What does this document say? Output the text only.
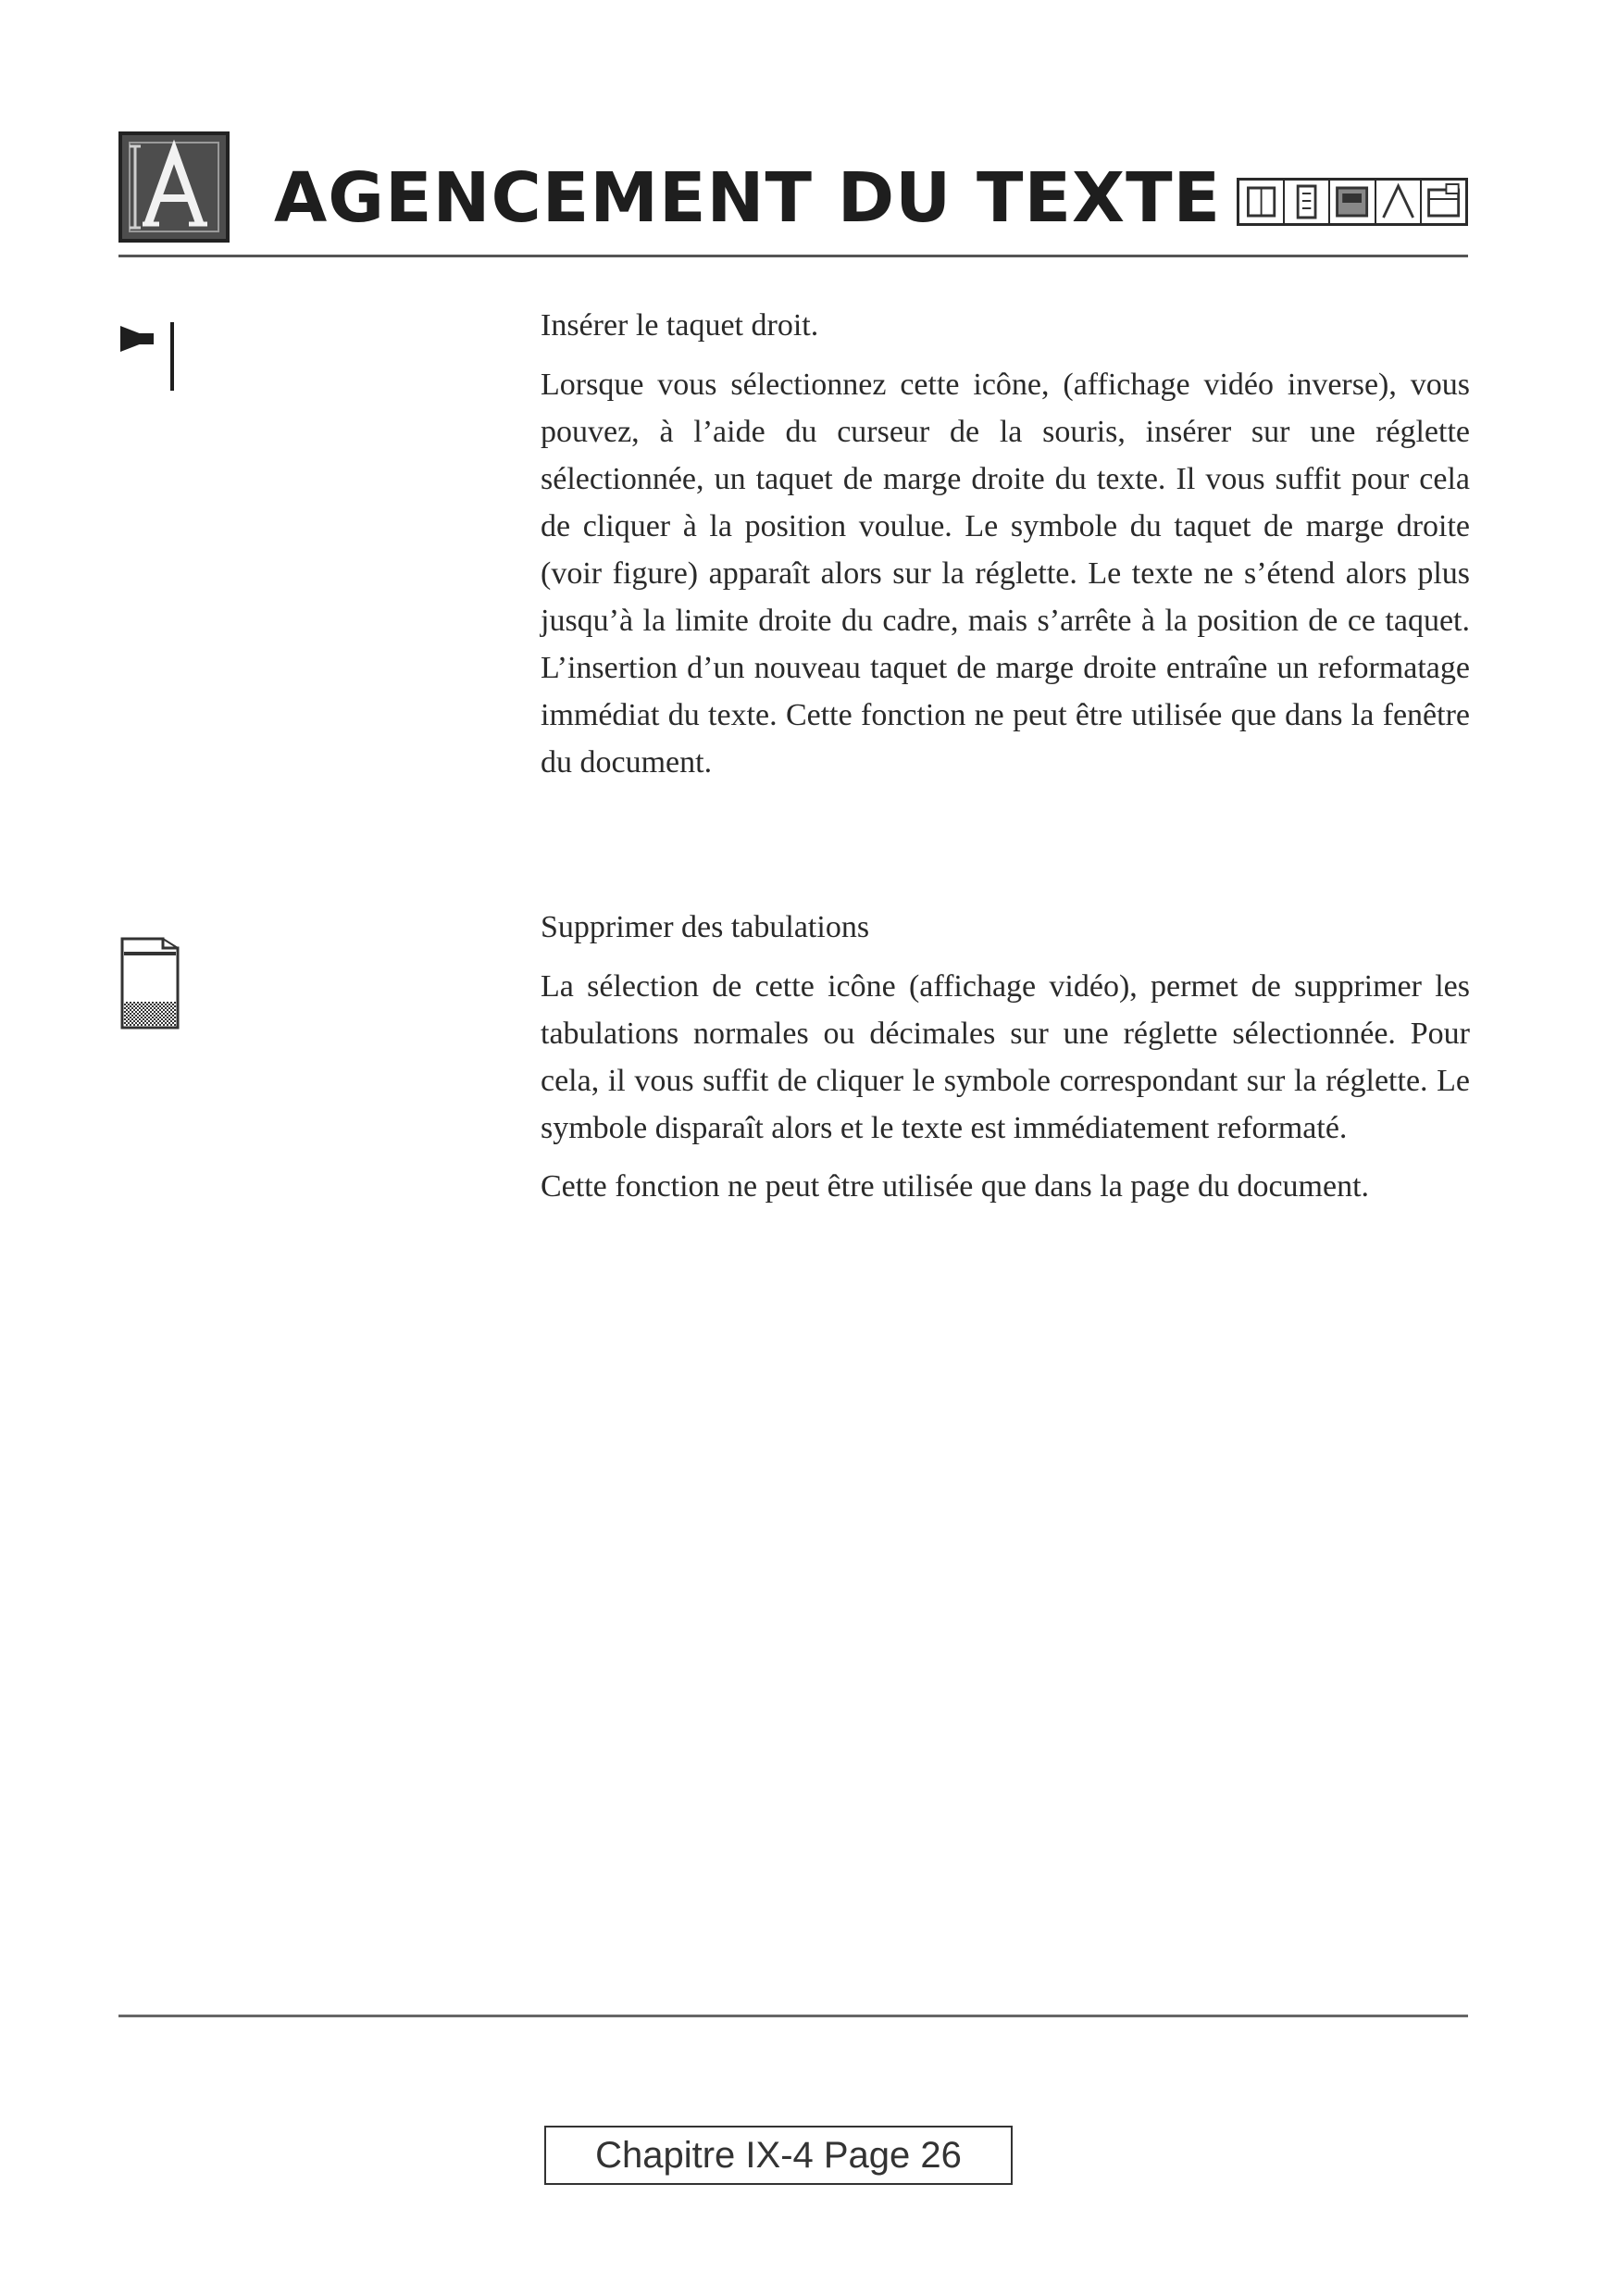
AGENCEMENT DU TEXTE
Insérer le taquet droit.

Lorsque vous sélectionnez cette icône, (affichage vidéo inverse), vous pouvez, à l’aide du curseur de la souris, insérer sur une réglette sélectionnée, un taquet de marge droite du texte. Il vous suffit pour cela de cliquer à la position voulue. Le symbole du taquet de marge droite (voir figure) apparaît alors sur la réglette. Le texte ne s’étend alors plus jusqu’à la limite droite du cadre, mais s’arrête à la position de ce taquet. L’insertion d’un nouveau taquet de marge droite entraîne un reformatage immédiat du texte. Cette fonction ne peut être utilisée que dans la fenêtre du document.

Supprimer des tabulations

La sélection de cette icône (affichage vidéo), permet de supprimer les tabulations normales ou décimales sur une réglette sélectionnée. Pour cela, il vous suffit de cliquer le symbole correspondant sur la réglette. Le symbole disparaît alors et le texte est immédiatement reformaté.

Cette fonction ne peut être utilisée que dans la page du document.

Chapitre IX-4 Page 26
